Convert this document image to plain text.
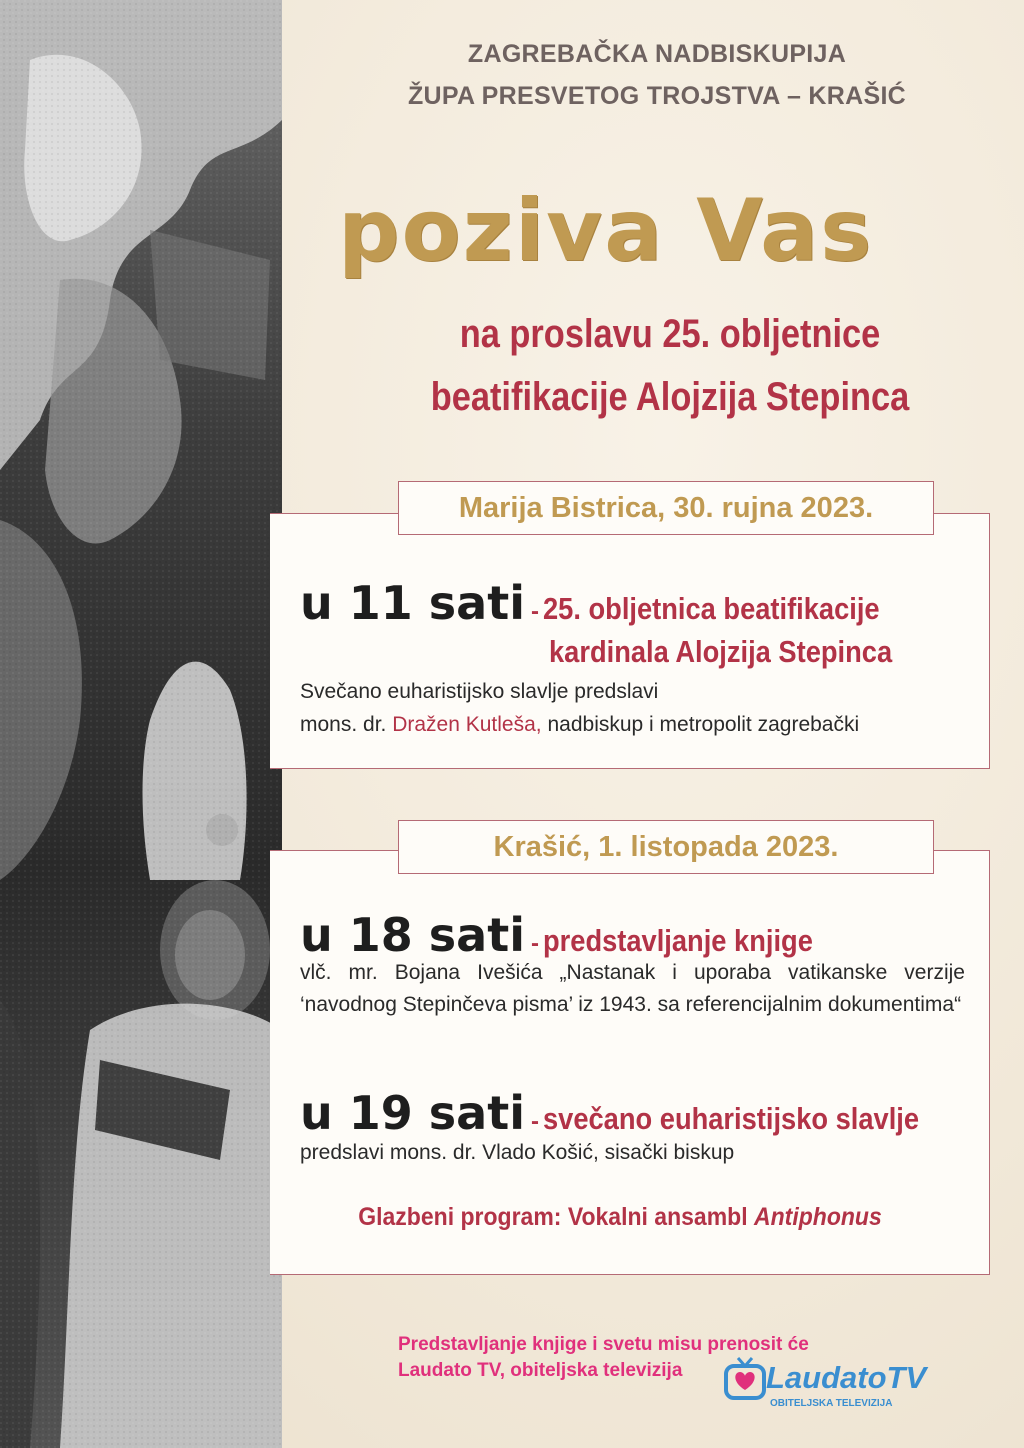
ZAGREBAČKA NADBISKUPIJA
ŽUPA PRESVETOG TROJSTVA – KRAŠIĆ
poziva Vas
na proslavu 25. obljetnice
beatifikacije Alojzija Stepinca
Marija Bistrica, 30. rujna 2023.
u 11 sati - 25. obljetnica beatifikacije
kardinala Alojzija Stepinca
Svečano euharistijsko slavlje predslavi
mons. dr. Dražen Kutleša, nadbiskup i metropolit zagrebački
Krašić, 1. listopada 2023.
u 18 sati - predstavljanje knjige
vlč. mr. Bojana Ivešića „Nastanak i uporaba vatikanske verzije ‘navodnog Stepinčeva pisma’ iz 1943. sa referencijalnim dokumentima“
u 19 sati - svečano euharistijsko slavlje
predslavi mons. dr. Vlado Košić, sisački biskup
Glazbeni program: Vokalni ansambl Antiphonus
Predstavljanje knjige i svetu misu prenosit će
Laudato TV, obiteljska televizija	LaudatoTV
OBITELJSKA TELEVIZIJA
